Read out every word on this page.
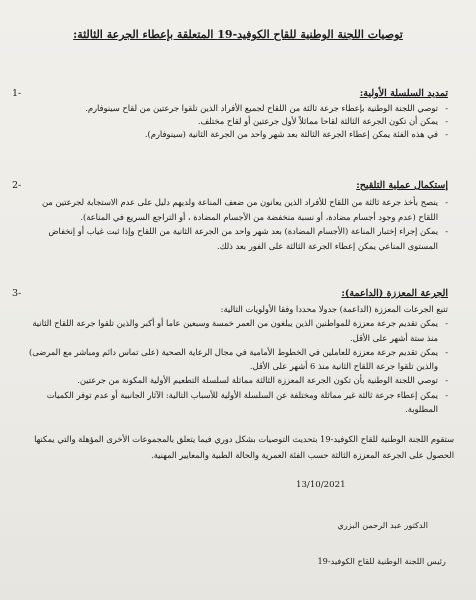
توصيات اللجنة الوطنية للقاح الكوفيد-19 المتعلقة بإعطاء الجرعة الثالثة:
1-	تمديد السلسلة الأولية:
- توصي اللجنة الوطنية بإعطاء جرعة ثالثة من اللقاح لجميع الأفراد الذين تلقوا جرعتين من لقاح سينوفارم.
- يمكن أن تكون الجرعة الثالثة لقاحا مماثلاً لأول جرعتين أو لقاح مختلف.
- في هذه الفئة يمكن إعطاء الجرعة الثالثة بعد شهر واحد من الجرعة الثانية (سينوفارم).
2-	إستكمال عملية التلقيح:
- ينصح بأخذ جرعة ثالثة من اللقاح للأفراد الذين يعانون من ضعف المناعة ولديهم دليل على عدم الاستجابة لجرعتين من
اللقاح (عدم وجود أجسام مضادة، أو نسبة منخفضة من الأجسام المضادة ، أو التراجع السريع في المناعة).
- يمكن إجراء إختبار المناعة (الأجسام المضادة) بعد شهر واحد من الجرعة الثانية من اللقاح وإذا ثبت غياب أو إنخفاض
المستوى المناعي يمكن إعطاء الجرعة الثالثة على الفور بعد ذلك.
3-	الجرعة المعززة (الداعمة):
تتبع الجرعات المعززة (الداعمة) جدولا محددا وفقا الأولويات التالية:
- يمكن تقديم جرعة معززة للمواطنين الذين يبلغون من العمر خمسة وسبعين عاما أو أكبر والذين تلقوا جرعة اللقاح الثانية
منذ ستة أشهر على الأقل.
- يمكن تقديم جرعة معززة للعاملين في الخطوط الأمامية في مجال الرعاية الصحية (على تماس دائم ومباشر مع المرضى)
والذين تلقوا جرعة اللقاح الثانية منذ 6 أشهر على الأقل.
- توصي اللجنة الوطنية بأن تكون الجرعة المعززة الثالثة مماثلة لسلسلة التطعيم الأولية المكونة من جرعتين.
- يمكن إعطاء جرعة ثالثة غير مماثلة ومختلفة عن السلسلة الأولية للأسباب التالية: الآثار الجانبية أو عدم توفر الكميات
المطلوبة.
ستقوم اللجنة الوطنية للقاح الكوفيد-19 بتحديث التوصيات بشكل دوري فيما يتعلق بالمجموعات الأخرى المؤهلة والتي يمكنها
الحصول على الجرعة المعززة الثالثة حسب الفئة العمرية والحالة الطبية والمعايير المهنية.
13/10/2021
الدكتور عبد الرحمن البزري
رئيس اللجنة الوطنية للقاح الكوفيد-19
